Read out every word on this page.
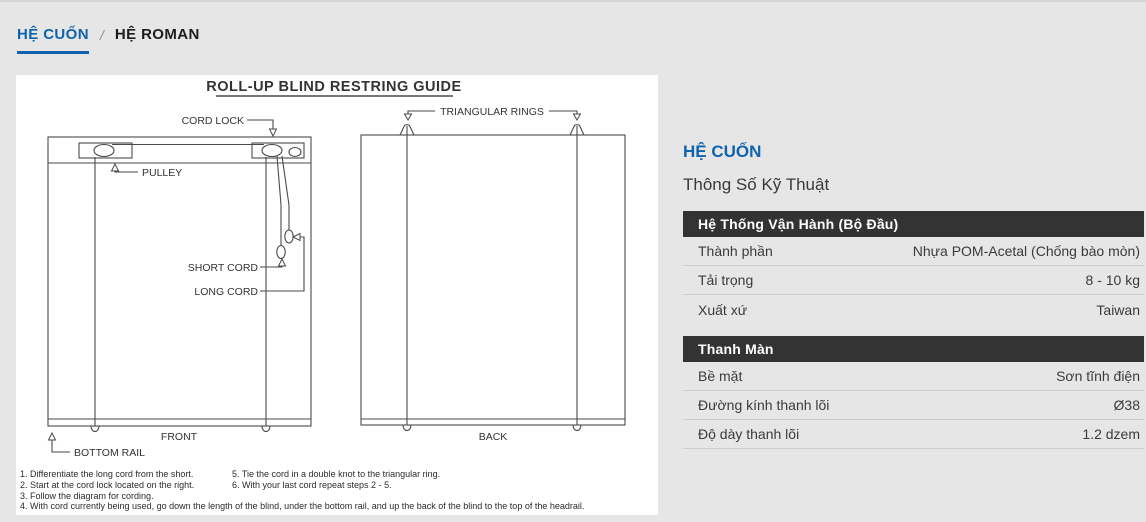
HỆ CUỐN / HỆ ROMAN
ROLL-UP BLIND RESTRING GUIDE
CORD LOCK
PULLEY
SHORT CORD
LONG CORD
FRONT
BOTTOM RAIL
TRIANGULAR RINGS
BACK
1. Differentiate the long cord from the short.	5. Tie the cord in a double knot to the triangular ring.
2. Start at the cord lock located on the right.	6. With your last cord repeat steps 2 - 5.
3. Follow the diagram for cording.
4. With cord currently being used, go down the length of the blind, under the bottom rail, and up the back of the blind to the top of the headrail.
HỆ CUỐN
Thông Số Kỹ Thuật
Hệ Thống Vận Hành (Bộ Đầu)
Thành phần	Nhựa POM-Acetal (Chống bào mòn)
Tải trọng	8 - 10 kg
Xuất xứ	Taiwan
Thanh Màn
Bề mặt	Sơn tĩnh điện
Đường kính thanh lõi	Ø38
Độ dày thanh lõi	1.2 dzem
